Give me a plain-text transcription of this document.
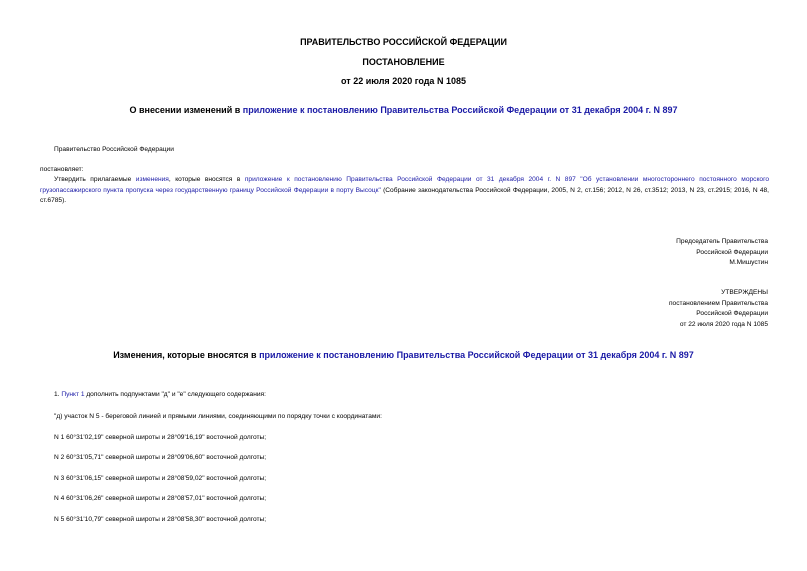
ПРАВИТЕЛЬСТВО РОССИЙСКОЙ ФЕДЕРАЦИИ
ПОСТАНОВЛЕНИЕ
от 22 июля 2020 года N 1085
О внесении изменений в приложение к постановлению Правительства Российской Федерации от 31 декабря 2004 г. N 897
Правительство Российской Федерации
постановляет:
Утвердить прилагаемые изменения, которые вносятся в приложение к постановлению Правительства Российской Федерации от 31 декабря 2004 г. N 897 "Об установлении многостороннего постоянного морского грузопассажирского пункта пропуска через государственную границу Российской Федерации в порту Высоцк" (Собрание законодательства Российской Федерации, 2005, N 2, ст.156; 2012, N 26, ст.3512; 2013, N 23, ст.2915; 2016, N 48, ст.6785).
Председатель Правительства
Российской Федерации
М.Мишустин
УТВЕРЖДЕНЫ
постановлением Правительства
Российской Федерации
от 22 июля 2020 года N 1085
Изменения, которые вносятся в приложение к постановлению Правительства Российской Федерации от 31 декабря 2004 г. N 897
1. Пункт 1 дополнить подпунктами "д" и "е" следующего содержания:
"д) участок N 5 - береговой линией и прямыми линиями, соединяющими по порядку точки с координатами:
N 1 60°31'02,19" северной широты и 28°09'16,19" восточной долготы;
N 2 60°31'05,71" северной широты и 28°09'06,60" восточной долготы;
N 3 60°31'06,15" северной широты и 28°08'59,02" восточной долготы;
N 4 60°31'06,26" северной широты и 28°08'57,01" восточной долготы;
N 5 60°31'10,79" северной широты и 28°08'58,30" восточной долготы;
